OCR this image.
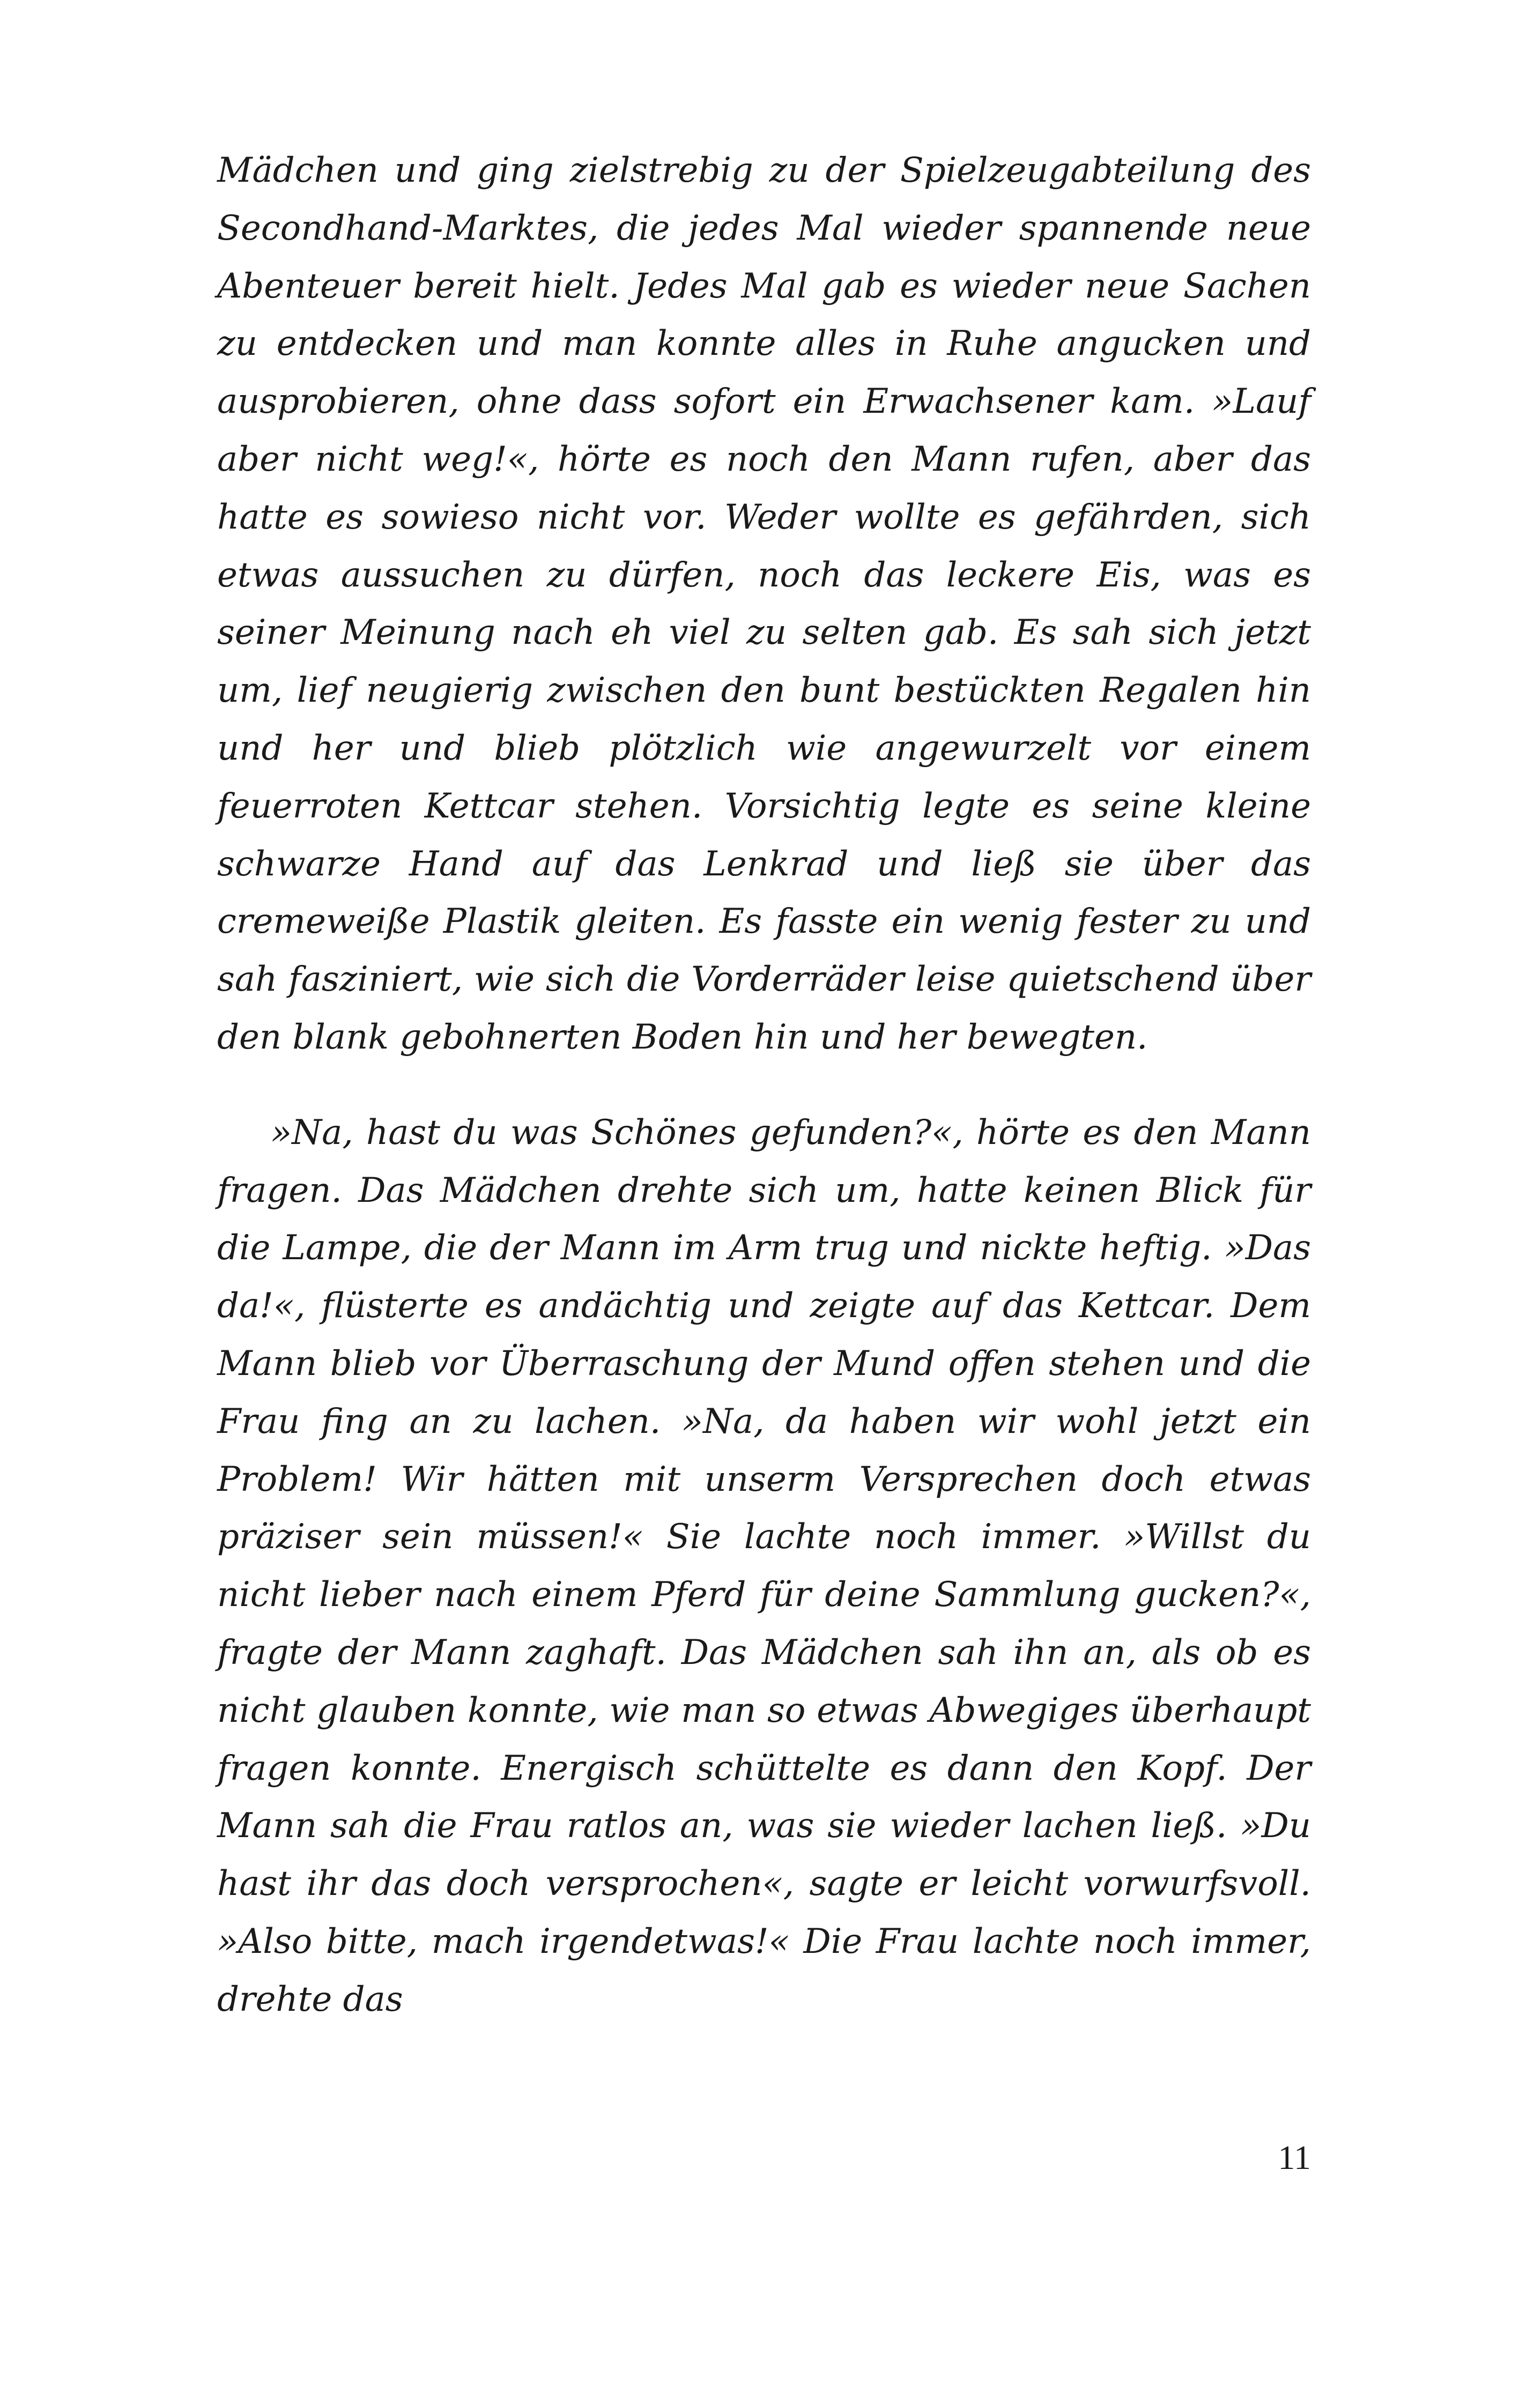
Mädchen und ging zielstrebig zu der Spielzeugabteilung des Secondhand-Marktes, die jedes Mal wieder spannende neue Abenteuer bereit hielt. Jedes Mal gab es wieder neue Sachen zu entdecken und man konnte alles in Ruhe angucken und ausprobieren, ohne dass sofort ein Erwachsener kam. »Lauf aber nicht weg!«, hörte es noch den Mann rufen, aber das hatte es sowieso nicht vor. Weder wollte es gefährden, sich etwas aussuchen zu dürfen, noch das leckere Eis, was es seiner Meinung nach eh viel zu selten gab. Es sah sich jetzt um, lief neugierig zwischen den bunt bestückten Regalen hin und her und blieb plötzlich wie angewurzelt vor einem feuerroten Kettcar stehen. Vorsichtig legte es seine kleine schwarze Hand auf das Lenkrad und ließ sie über das cremeweiße Plastik gleiten. Es fasste ein wenig fester zu und sah fasziniert, wie sich die Vorderräder leise quietschend über den blank gebohnerten Boden hin und her bewegten.

»Na, hast du was Schönes gefunden?«, hörte es den Mann fragen. Das Mädchen drehte sich um, hatte keinen Blick für die Lampe, die der Mann im Arm trug und nickte heftig. »Das da!«, flüsterte es andächtig und zeigte auf das Kettcar. Dem Mann blieb vor Überraschung der Mund offen stehen und die Frau fing an zu lachen. »Na, da haben wir wohl jetzt ein Problem! Wir hätten mit unserm Versprechen doch etwas präziser sein müssen!« Sie lachte noch immer. »Willst du nicht lieber nach einem Pferd für deine Sammlung gucken?«, fragte der Mann zaghaft. Das Mädchen sah ihn an, als ob es nicht glauben konnte, wie man so etwas Abwegiges überhaupt fragen konnte. Energisch schüttelte es dann den Kopf. Der Mann sah die Frau ratlos an, was sie wieder lachen ließ. »Du hast ihr das doch versprochen«, sagte er leicht vorwurfsvoll. »Also bitte, mach irgendetwas!« Die Frau lachte noch immer, drehte das

11
